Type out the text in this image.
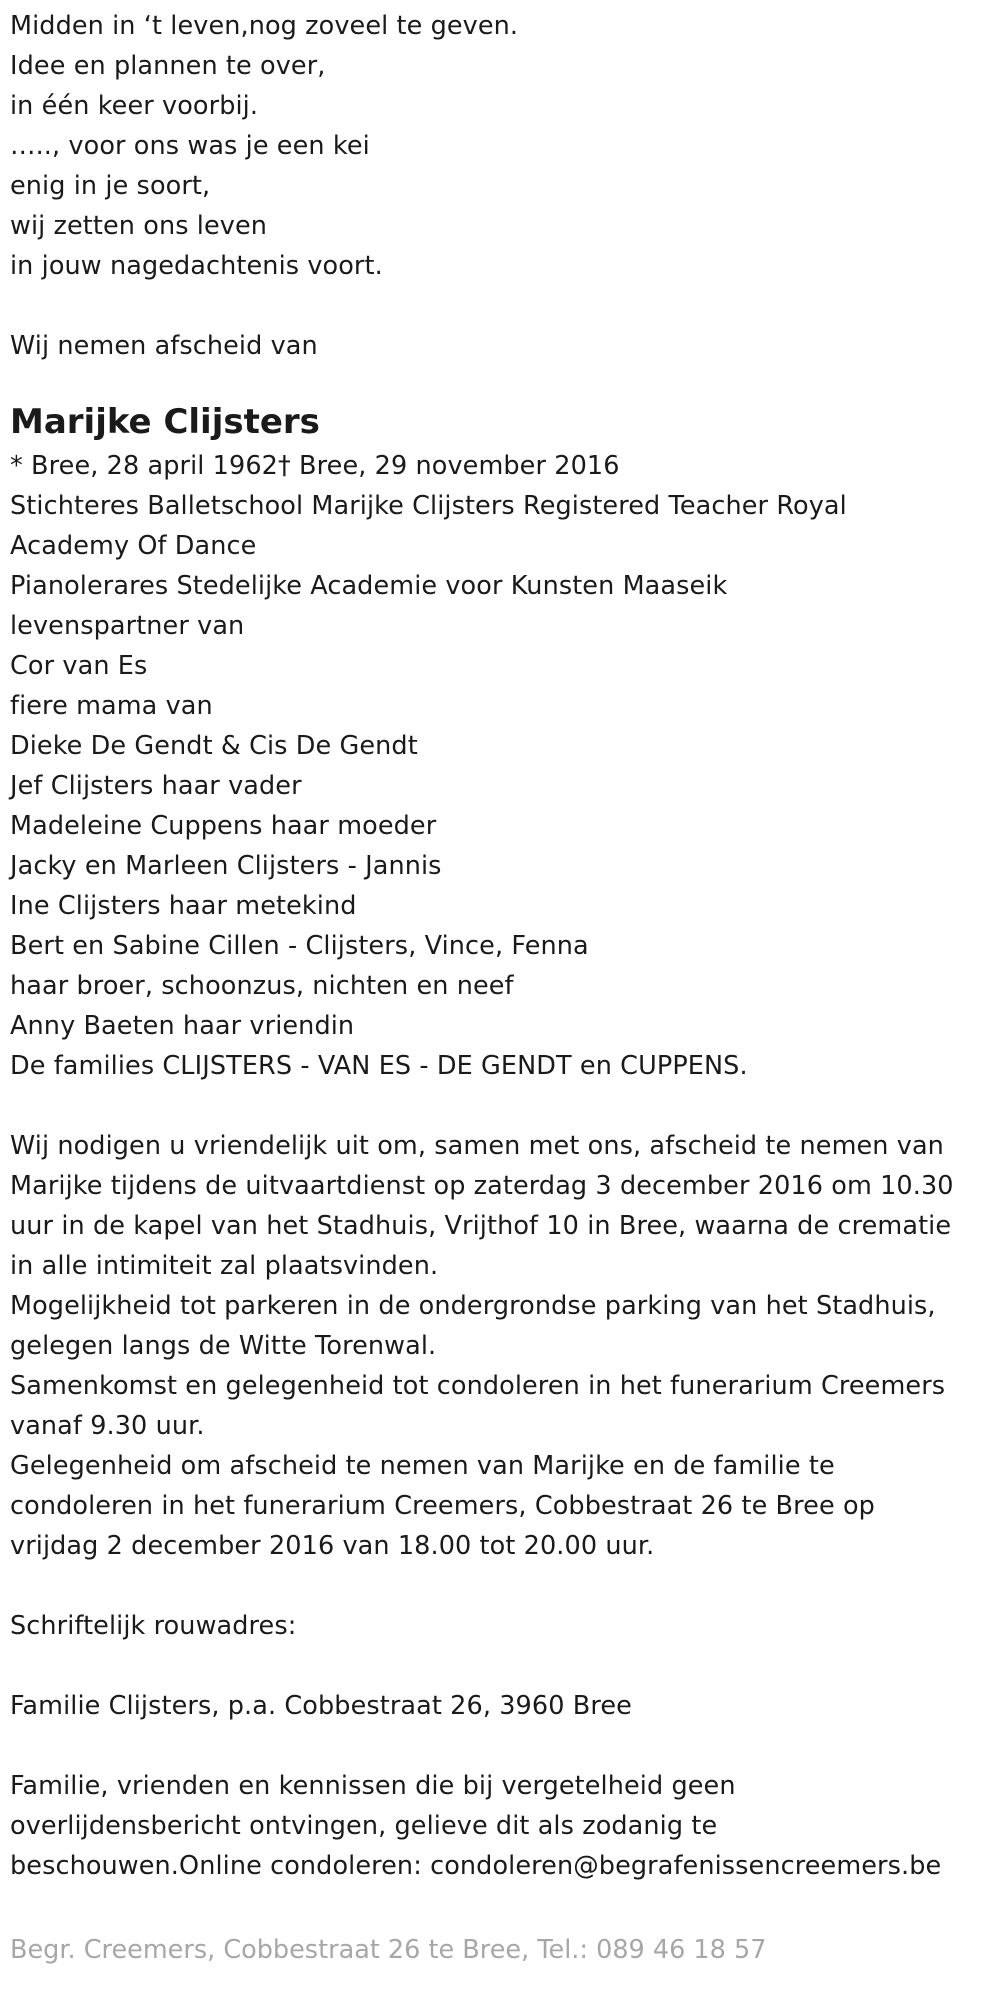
Midden in ‘t leven,nog zoveel te geven.
Idee en plannen te over,
in één keer voorbij.
….., voor ons was je een kei
enig in je soort,
wij zetten ons leven
in jouw nagedachtenis voort.
Wij nemen afscheid van
Marijke Clijsters
* Bree, 28 april 1962† Bree, 29 november 2016
Stichteres Balletschool Marijke Clijsters Registered Teacher Royal
Academy Of Dance
Pianolerares Stedelijke Academie voor Kunsten Maaseik
levenspartner van
Cor van Es
fiere mama van
Dieke De Gendt & Cis De Gendt
Jef Clijsters haar vader
Madeleine Cuppens haar moeder
Jacky en Marleen Clijsters - Jannis
Ine Clijsters haar metekind
Bert en Sabine Cillen - Clijsters, Vince, Fenna
haar broer, schoonzus, nichten en neef
Anny Baeten haar vriendin
De families CLIJSTERS - VAN ES - DE GENDT en CUPPENS.
Wij nodigen u vriendelijk uit om, samen met ons, afscheid te nemen van
Marijke tijdens de uitvaartdienst op zaterdag 3 december 2016 om 10.30
uur in de kapel van het Stadhuis, Vrijthof 10 in Bree, waarna de crematie
in alle intimiteit zal plaatsvinden.
Mogelijkheid tot parkeren in de ondergrondse parking van het Stadhuis,
gelegen langs de Witte Torenwal.
Samenkomst en gelegenheid tot condoleren in het funerarium Creemers
vanaf 9.30 uur.
Gelegenheid om afscheid te nemen van Marijke en de familie te
condoleren in het funerarium Creemers, Cobbestraat 26 te Bree op
vrijdag 2 december 2016 van 18.00 tot 20.00 uur.
Schriftelijk rouwadres:
Familie Clijsters, p.a. Cobbestraat 26, 3960 Bree
Familie, vrienden en kennissen die bij vergetelheid geen
overlijdensbericht ontvingen, gelieve dit als zodanig te
beschouwen.Online condoleren: condoleren@begrafenissencreemers.be
Begr. Creemers, Cobbestraat 26 te Bree, Tel.: 089 46 18 57
